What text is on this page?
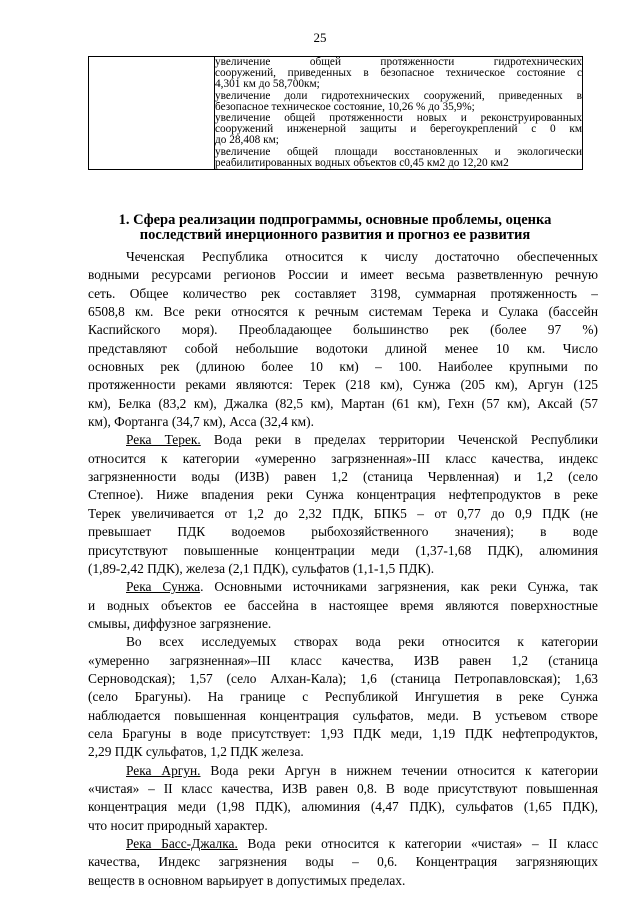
25

увеличение общей протяженности гидротехнических
сооружений, приведенных в безопасное техническое состояние с
4,301 км до 58,700км;
увеличение доли гидротехнических сооружений, приведенных в
безопасное техническое состояние, 10,26 % до 35,9%;
увеличение общей протяженности новых и реконструированных
сооружений инженерной защиты и берегоукреплений с 0 км
до 28,408 км;
увеличение общей площади восстановленных и экологически
реабилитированных водных объектов с0,45 км2 до 12,20 км2
1. Сфера реализации подпрограммы, основные проблемы, оценка
последствий инерционного развития и прогноз ее развития
Чеченская Республика относится к числу достаточно обеспеченных
водными ресурсами регионов России и имеет весьма разветвленную речную
сеть. Общее количество рек составляет 3198, суммарная протяженность –
6508,8 км. Все реки относятся к речным системам Терека и Сулака (бассейн
Каспийского моря). Преобладающее большинство рек (более 97 %)
представляют собой небольшие водотоки длиной менее 10 км. Число
основных рек (длиною более 10 км) – 100. Наиболее крупными по
протяженности реками являются: Терек (218 км), Сунжа (205 км), Аргун (125
км), Белка (83,2 км), Джалка (82,5 км), Мартан (61 км), Гехн (57 км), Аксай (57
км), Фортанга (34,7 км), Асса (32,4 км).
Река Терек. Вода реки в пределах территории Чеченской Республики
относится к категории «умеренно загрязненная»-III класс качества, индекс
загрязненности воды (ИЗВ) равен 1,2 (станица Червленная) и 1,2 (село
Степное). Ниже впадения реки Сунжа концентрация нефтепродуктов в реке
Терек увеличивается от 1,2 до 2,32 ПДК, БПК5 – от 0,77 до 0,9 ПДК (не
превышает ПДК водоемов рыбохозяйственного значения); в воде
присутствуют повышенные концентрации меди (1,37-1,68 ПДК), алюминия
(1,89-2,42 ПДК), железа (2,1 ПДК), сульфатов (1,1-1,5 ПДК).
Река Сунжа. Основными источниками загрязнения, как реки Сунжа, так
и водных объектов ее бассейна в настоящее время являются поверхностные
смывы, диффузное загрязнение.
Во всех исследуемых створах вода реки относится к категории
«умеренно загрязненная»–III класс качества, ИЗВ равен 1,2 (станица
Серноводская); 1,57 (село Алхан-Кала); 1,6 (станица Петропавловская); 1,63
(село Брагуны). На границе с Республикой Ингушетия в реке Сунжа
наблюдается повышенная концентрация сульфатов, меди. В устьевом створе
села Брагуны в воде присутствует: 1,93 ПДК меди, 1,19 ПДК нефтепродуктов,
2,29 ПДК сульфатов, 1,2 ПДК железа.
Река Аргун. Вода реки Аргун в нижнем течении относится к категории
«чистая» – II класс качества, ИЗВ равен 0,8. В воде присутствуют повышенная
концентрация меди (1,98 ПДК), алюминия (4,47 ПДК), сульфатов (1,65 ПДК),
что носит природный характер.
Река Басс-Джалка. Вода реки относится к категории «чистая» – II класс
качества, Индекс загрязнения воды – 0,6. Концентрация загрязняющих
веществ в основном варьирует в допустимых пределах.
